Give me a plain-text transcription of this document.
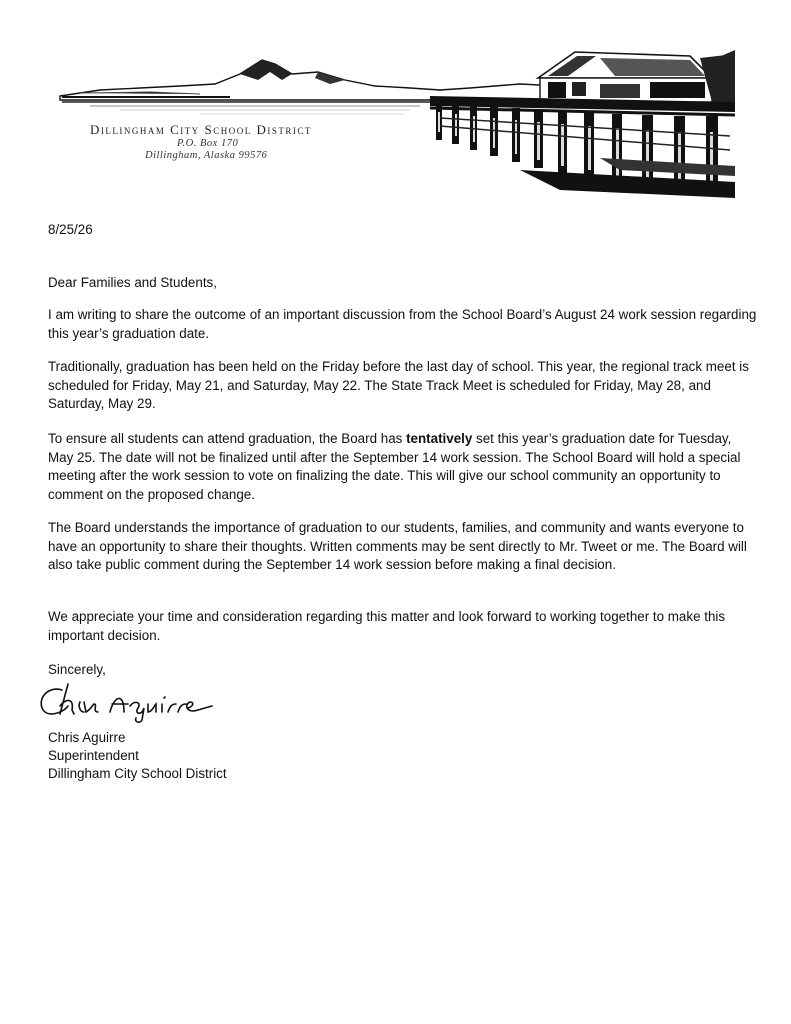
Dillingham City School District
P.O. Box 170
Dillingham, Alaska 99576
8/25/26
Dear Families and Students,
I am writing to share the outcome of an important discussion from the School Board’s August 24 work session regarding this year’s graduation date.
Traditionally, graduation has been held on the Friday before the last day of school. This year, the regional track meet is scheduled for Friday, May 21, and Saturday, May 22. The State Track Meet is scheduled for Friday, May 28, and Saturday, May 29.
To ensure all students can attend graduation, the Board has tentatively set this year’s graduation date for Tuesday, May 25. The date will not be finalized until after the September 14 work session. The School Board will hold a special meeting after the work session to vote on finalizing the date. This will give our school community an opportunity to comment on the proposed change.
The Board understands the importance of graduation to our students, families, and community and wants everyone to have an opportunity to share their thoughts. Written comments may be sent directly to Mr. Tweet or me. The Board will also take public comment during the September 14 work session before making a final decision.
We appreciate your time and consideration regarding this matter and look forward to working together to make this important decision.
Sincerely,
Chris Aguirre
Superintendent
Dillingham City School District
